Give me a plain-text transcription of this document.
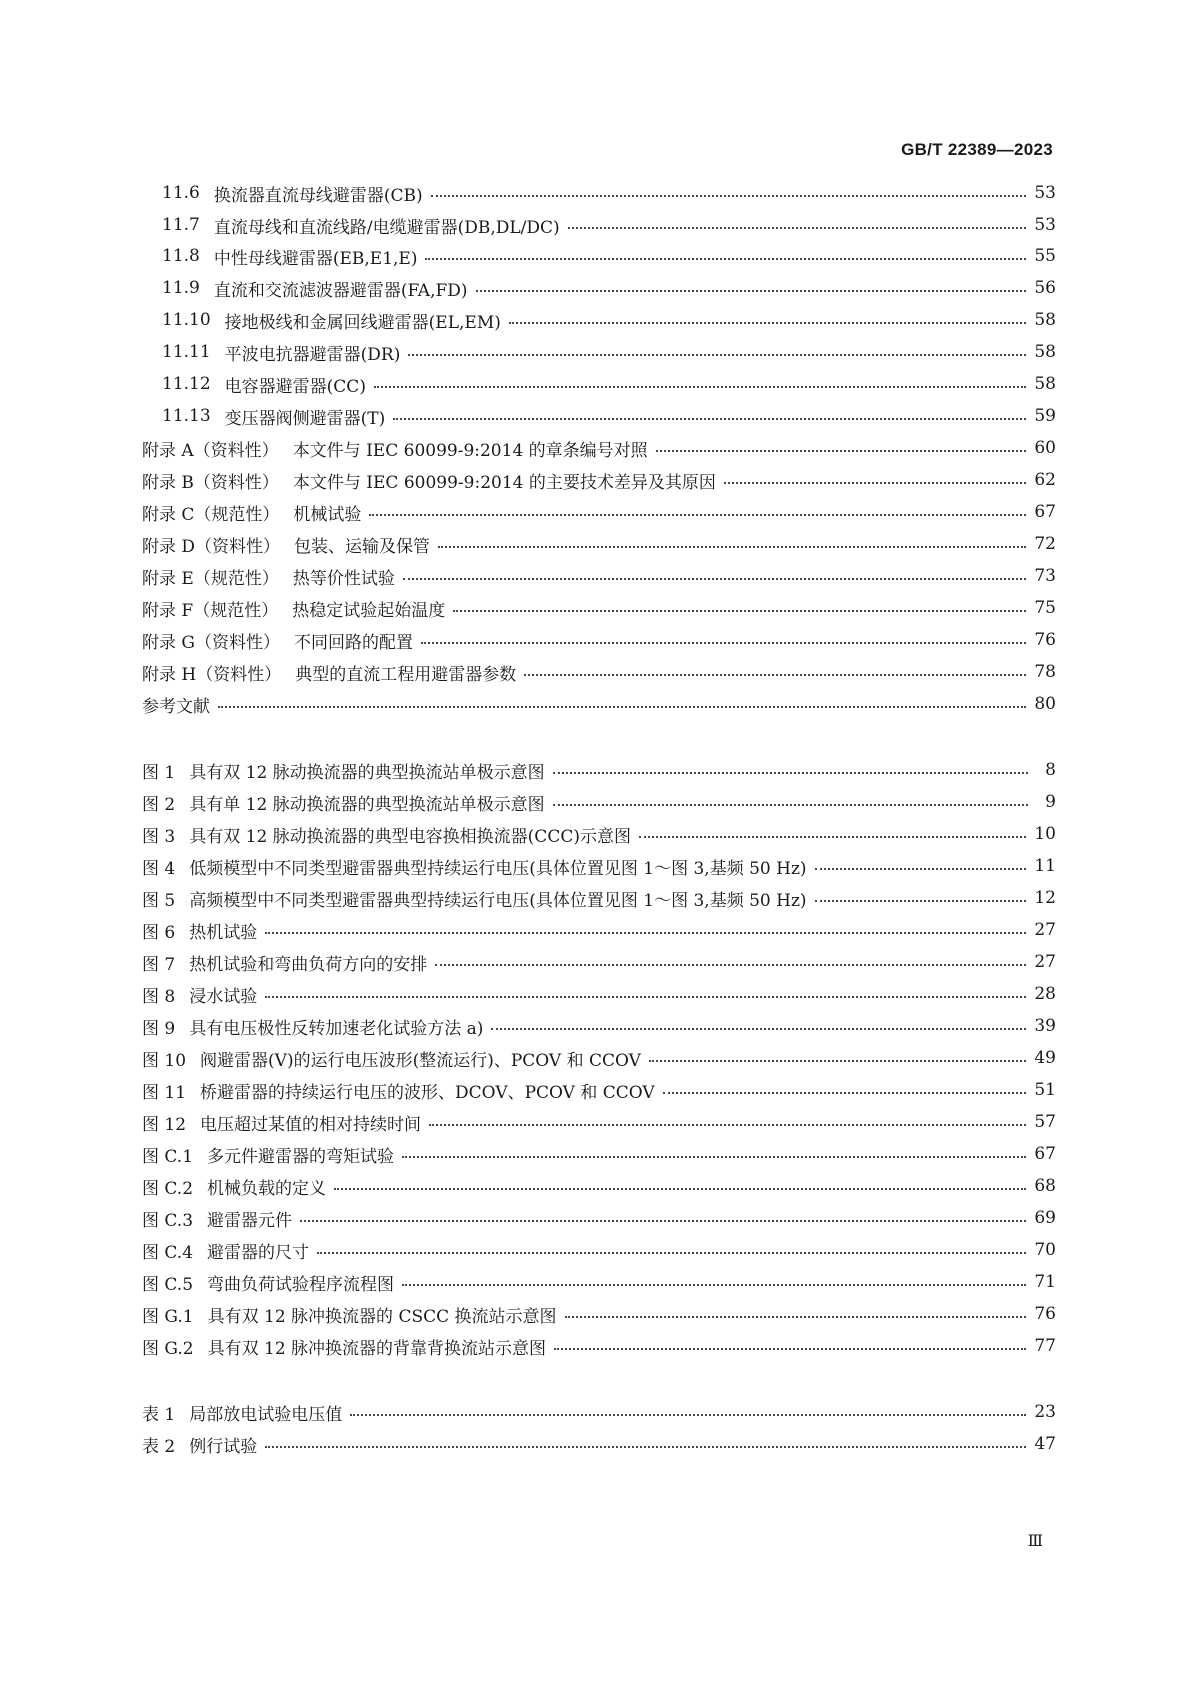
GB/T 22389—2023
11.6 换流器直流母线避雷器(CB)	53
11.7 直流母线和直流线路/电缆避雷器(DB,DL/DC)	53
11.8 中性母线避雷器(EB,E1,E)	55
11.9 直流和交流滤波器避雷器(FA,FD)	56
11.10 接地极线和金属回线避雷器(EL,EM)	58
11.11 平波电抗器避雷器(DR)	58
11.12 电容器避雷器(CC)	58
11.13 变压器阀侧避雷器(T)	59
附录 A（资料性） 本文件与 IEC 60099-9:2014 的章条编号对照	60
附录 B（资料性） 本文件与 IEC 60099-9:2014 的主要技术差异及其原因	62
附录 C（规范性） 机械试验	67
附录 D（资料性） 包装、运输及保管	72
附录 E（规范性） 热等价性试验	73
附录 F（规范性） 热稳定试验起始温度	75
附录 G（资料性） 不同回路的配置	76
附录 H（资料性） 典型的直流工程用避雷器参数	78
参考文献	80
图 1 具有双 12 脉动换流器的典型换流站单极示意图	8
图 2 具有单 12 脉动换流器的典型换流站单极示意图	9
图 3 具有双 12 脉动换流器的典型电容换相换流器(CCC)示意图	10
图 4 低频模型中不同类型避雷器典型持续运行电压(具体位置见图 1～图 3,基频 50 Hz)	11
图 5 高频模型中不同类型避雷器典型持续运行电压(具体位置见图 1～图 3,基频 50 Hz)	12
图 6 热机试验	27
图 7 热机试验和弯曲负荷方向的安排	27
图 8 浸水试验	28
图 9 具有电压极性反转加速老化试验方法 a)	39
图 10 阀避雷器(V)的运行电压波形(整流运行)、PCOV 和 CCOV	49
图 11 桥避雷器的持续运行电压的波形、DCOV、PCOV 和 CCOV	51
图 12 电压超过某值的相对持续时间	57
图 C.1 多元件避雷器的弯矩试验	67
图 C.2 机械负载的定义	68
图 C.3 避雷器元件	69
图 C.4 避雷器的尺寸	70
图 C.5 弯曲负荷试验程序流程图	71
图 G.1 具有双 12 脉冲换流器的 CSCC 换流站示意图	76
图 G.2 具有双 12 脉冲换流器的背靠背换流站示意图	77
表 1 局部放电试验电压值	23
表 2 例行试验	47
Ⅲ
